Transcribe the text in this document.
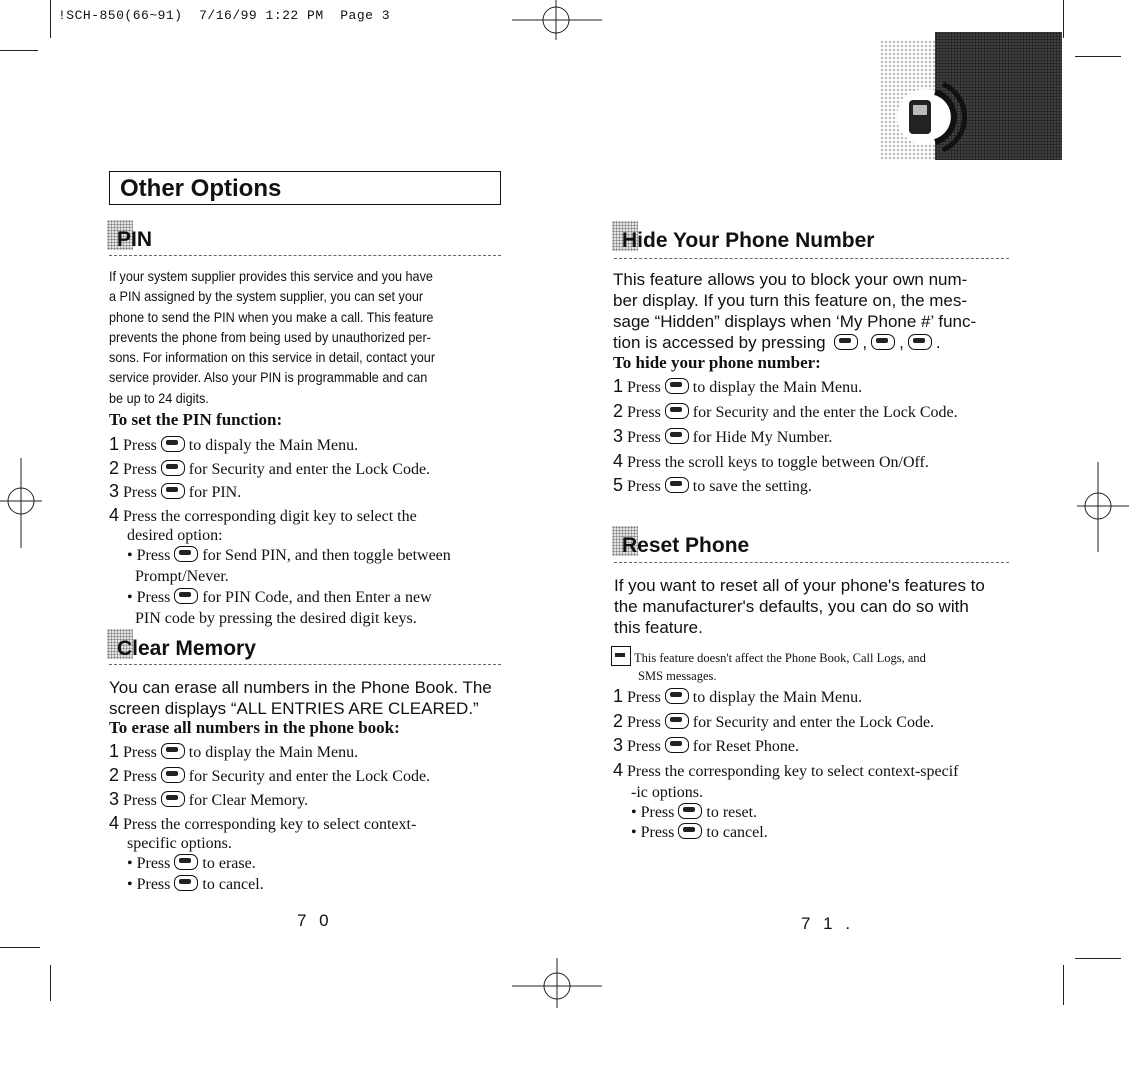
!SCH-850(66~91)  7/16/99 1:22 PM  Page 3
Other Options
PIN
If your system supplier provides this service and you have
a PIN assigned by the system supplier, you can set your
phone to send the PIN when you make a call. This feature
prevents the phone from being used by unauthorized per-
sons. For information on this service in detail, contact your
service provider. Also your PIN is programmable and can
be up to 24 digits.
To set the PIN function:
1 Press to dispaly the Main Menu.
2 Press for Security and enter the Lock Code.
3 Press for PIN.
4 Press the corresponding digit key to select the
desired option:
• Press for Send PIN, and then toggle between
Prompt/Never.
• Press for PIN Code, and then Enter a new
PIN code by pressing the desired digit keys.
Clear Memory
You can erase all numbers in the Phone Book. The
screen displays “ALL ENTRIES ARE CLEARED.”
To erase all numbers in the phone book:
1 Press to display the Main Menu.
2 Press for Security and enter the Lock Code.
3 Press for Clear Memory.
4 Press the corresponding key to select context-
specific options.
• Press to erase.
• Press to cancel.
7 0
Hide Your Phone Number
This feature allows you to block your own num-
ber display. If you turn this feature on, the mes-
sage “Hidden” displays when ‘My Phone #’ func-
tion is accessed by pressing , , .
To hide your phone number:
1 Press to display the Main Menu.
2 Press for Security and the enter the Lock Code.
3 Press for Hide My Number.
4 Press the scroll keys to toggle between On/Off.
5 Press to save the setting.
Reset Phone
If you want to reset all of your phone's features to
the manufacturer's defaults, you can do so with
this feature.
This feature doesn't affect the Phone Book, Call Logs, and
SMS messages.
1 Press to display the Main Menu.
2 Press for Security and enter the Lock Code.
3 Press for Reset Phone.
4 Press the corresponding key to select context-specif
-ic options.
• Press to reset.
• Press to cancel.
7 1 .
